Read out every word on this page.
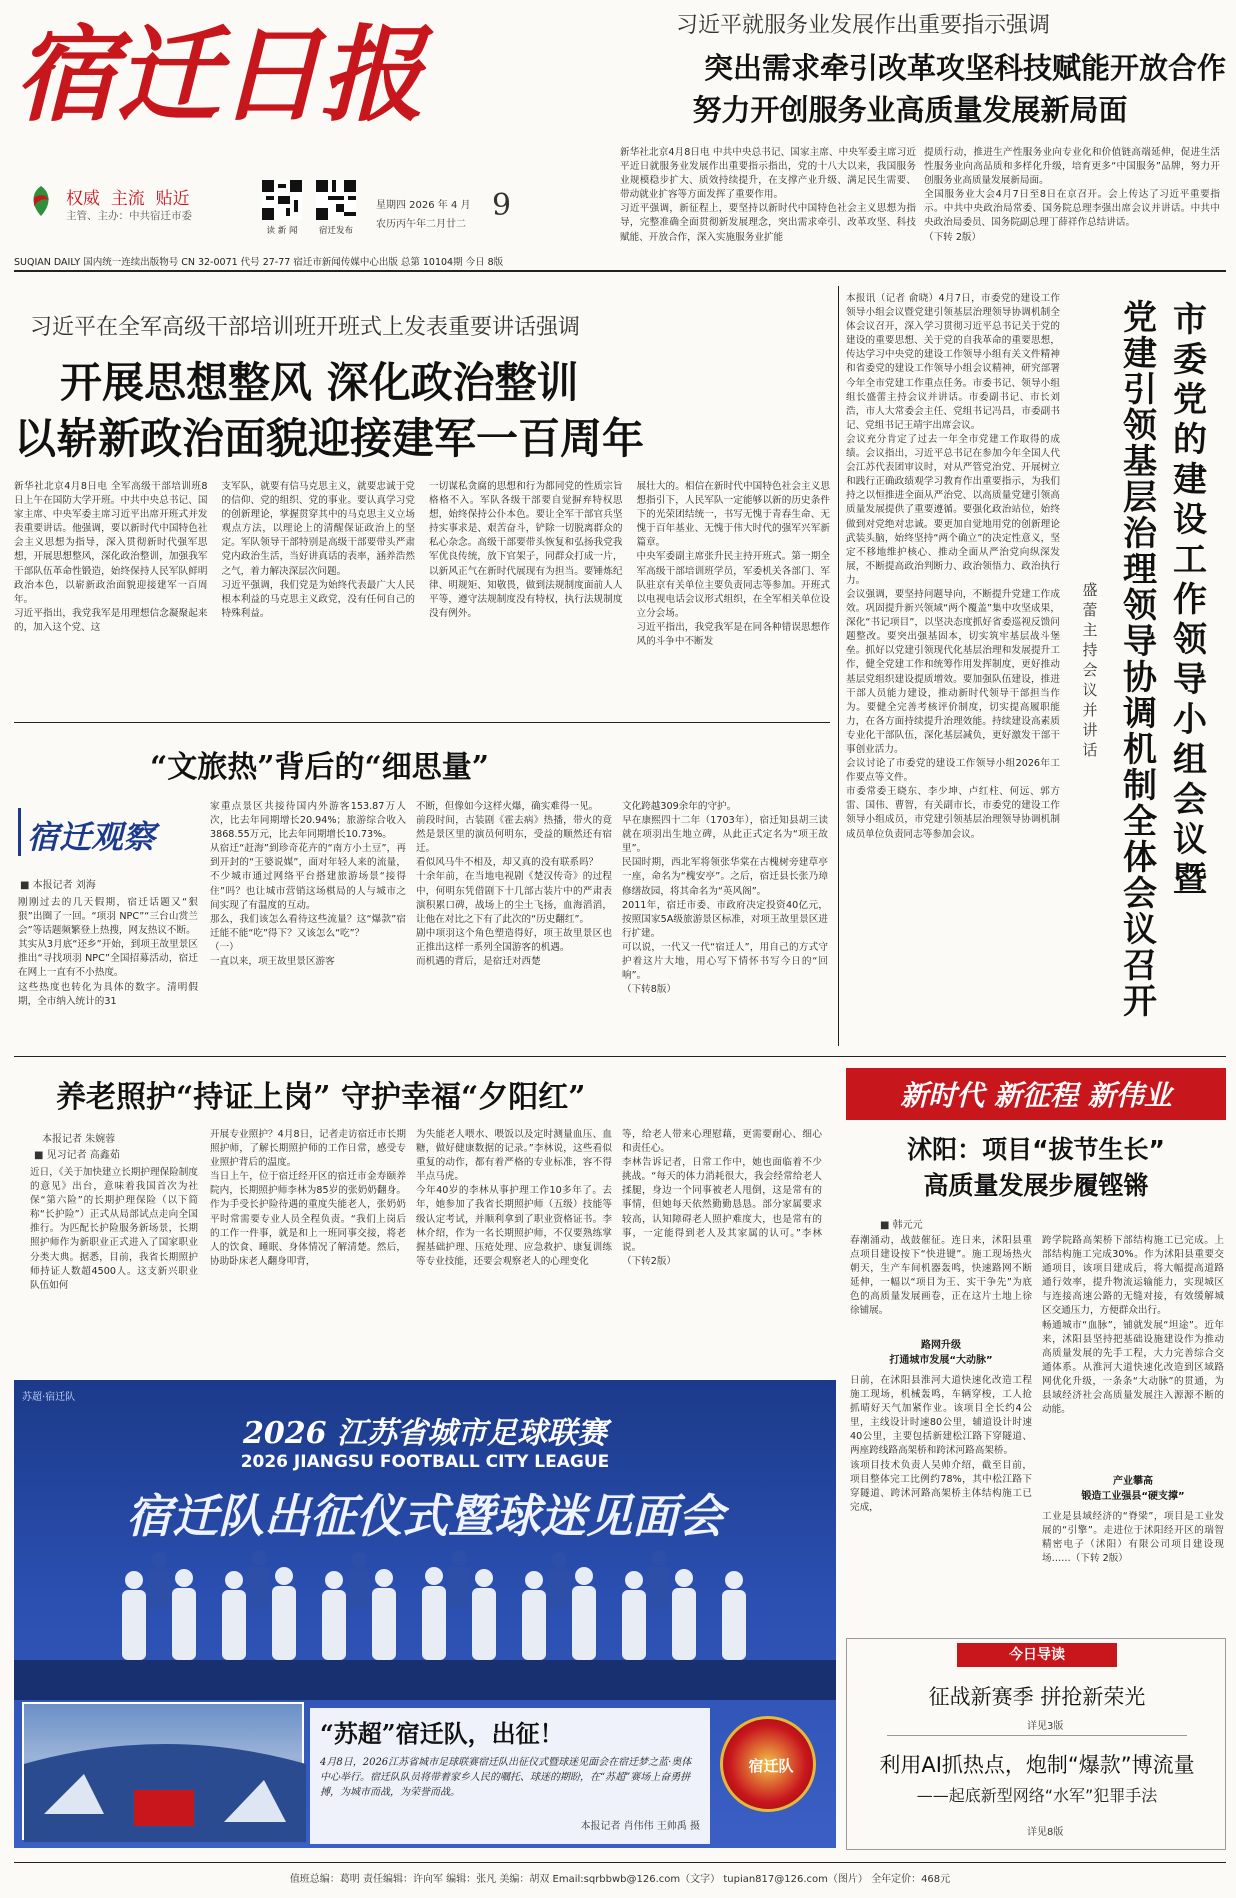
宿迁日报
权威 主流 贴近
主管、主办：中共宿迁市委
读 新 闻	宿迁发布
星期四 2026 年 4 月
农历丙午年二月廿二
9
SUQIAN DAILY 国内统一连续出版物号 CN 32-0071 代号 27-77 宿迁市新闻传媒中心出版 总第 10104期 今日 8版
习近平就服务业发展作出重要指示强调
突出需求牵引改革攻坚科技赋能开放合作
努力开创服务业高质量发展新局面
新华社北京4月8日电 中共中央总书记、国家主席、中央军委主席习近平近日就服务业发展作出重要指示指出，党的十八大以来，我国服务业规模稳步扩大、质效持续提升，在支撑产业升级、满足民生需要、带动就业扩容等方面发挥了重要作用。
习近平强调，新征程上，要坚持以新时代中国特色社会主义思想为指导，完整准确全面贯彻新发展理念，突出需求牵引、改革攻坚、科技赋能、开放合作，深入实施服务业扩能
提质行动，推进生产性服务业向专业化和价值链高端延伸，促进生活性服务业向高品质和多样化升级，培育更多“中国服务”品牌，努力开创服务业高质量发展新局面。
全国服务业大会4月7日至8日在京召开。会上传达了习近平重要指示。中共中央政治局常委、国务院总理李强出席会议并讲话。中共中央政治局委员、国务院副总理丁薛祥作总结讲话。
（下转 2版）
习近平在全军高级干部培训班开班式上发表重要讲话强调
开展思想整风 深化政治整训
以崭新政治面貌迎接建军一百周年
新华社北京4月8日电 全军高级干部培训班8日上午在国防大学开班。中共中央总书记、国家主席、中央军委主席习近平出席开班式并发表重要讲话。他强调，要以新时代中国特色社会主义思想为指导，深入贯彻新时代强军思想，开展思想整风，深化政治整训，加强我军干部队伍革命性锻造，始终保持人民军队鲜明政治本色，以崭新政治面貌迎接建军一百周年。
习近平指出，我党我军是用理想信念凝聚起来的，加入这个党、这
支军队，就要有信马克思主义，就要忠诚于党的信仰、党的组织、党的事业。要认真学习党的创新理论，掌握贯穿其中的马克思主义立场观点方法，以理论上的清醒保证政治上的坚定。军队领导干部特别是高级干部要带头严肃党内政治生活，当好讲真话的表率，涵养浩然之气，着力解决深层次问题。
习近平强调，我们党是为始终代表最广大人民根本利益的马克思主义政党，没有任何自己的特殊利益。
一切谋私贪腐的思想和行为都同党的性质宗旨格格不入。军队各级干部要自觉摒弃特权思想，始终保持公仆本色。要让全军干部官兵坚持实事求是、艰苦奋斗，铲除一切脱离群众的私心杂念。高级干部要带头恢复和弘扬我党我军优良传统，放下官架子，同群众打成一片，以新风正气在新时代展现有为担当。要锤炼纪律、明规矩、知敬畏，做到法规制度面前人人平等，遵守法规制度没有特权，执行法规制度没有例外。
展壮大的。相信在新时代中国特色社会主义思想指引下，人民军队一定能够以新的历史条件下的光荣团结统一，书写无愧于青春生命、无愧于百年基业、无愧于伟大时代的强军兴军新篇章。
中央军委副主席张升民主持开班式。第一期全军高级干部培训班学员，军委机关各部门、军队驻京有关单位主要负责同志等参加。开班式以电视电话会议形式组织，在全军相关单位设立分会场。
习近平指出，我党我军是在同各种错误思想作风的斗争中不断发
本报讯（记者 俞晓）4月7日，市委党的建设工作领导小组会议暨党建引领基层治理领导协调机制全体会议召开，深入学习贯彻习近平总书记关于党的建设的重要思想、关于党的自我革命的重要思想，传达学习中央党的建设工作领导小组有关文件精神和省委党的建设工作领导小组会议精神，研究部署今年全市党建工作重点任务。市委书记、领导小组组长盛蕾主持会议并讲话。市委副书记、市长刘浩，市人大常委会主任、党组书记冯昌，市委副书记、党组书记王靖宇出席会议。
会议充分肯定了过去一年全市党建工作取得的成绩。会议指出，习近平总书记在参加今年全国人代会江苏代表团审议时，对从严管党治党、开展树立和践行正确政绩观学习教育作出重要指示，为我们持之以恒推进全面从严治党、以高质量党建引领高质量发展提供了重要遵循。要强化政治站位，始终做到对党绝对忠诚。要更加自觉地用党的创新理论武装头脑，始终坚持“两个确立”的决定性意义，坚定不移地维护核心、推动全面从严治党向纵深发展，不断提高政治判断力、政治领悟力、政治执行力。
会议强调，要坚持问题导向，不断提升党建工作成效。巩固提升新兴领域“两个覆盖”集中攻坚成果，深化“书记项目”，以坚决态度抓好省委巡视反馈问题整改。要突出强基固本，切实筑牢基层战斗堡垒。抓好以党建引领现代化基层治理和发展提升工作，健全党建工作和统筹作用发挥制度，更好推动基层党组织建设提质增效。要加强队伍建设，推进干部人员能力建设，推动新时代领导干部担当作为。要健全完善考核评价制度，切实提高履职能力，在各方面持续提升治理效能。持续建设高素质专业化干部队伍，深化基层减负，更好激发干部干事创业活力。
会议讨论了市委党的建设工作领导小组2026年工作要点等文件。
市委常委王晓东、李少坤、卢红柱、何远、郭方雷、国伟、曹智，有关副市长，市委党的建设工作领导小组成员，市党建引领基层治理领导协调机制成员单位负责同志等参加会议。
市委党的建设工作领导小组会议暨
党建引领基层治理领导协调机制全体会议召开
盛蕾主持会议并讲话
“文旅热”背后的“细思量”
宿迁观察
■ 本报记者 刘海
刚刚过去的几天假期，宿迁话题又“狠狠”出圈了一回。“项羽 NPC”“三台山赏兰会”等话题频繁登上热搜，网友热议不断。
其实从3月底“还乡”开始，到项王故里景区推出“寻找项羽 NPC”全国招募活动，宿迁在网上一直有不小热度。
这些热度也转化为具体的数字。清明假期，全市纳入统计的31
家重点景区共接待国内外游客153.87万人次，比去年同期增长20.94%；旅游综合收入3868.55万元，比去年同期增长10.73%。
从宿迁“赶海”到珍奇花卉的“南方小土豆”，再到开封的“王婆说媒”，面对年轻人来的流量，不少城市通过网络平台搭建旅游场景“接得住”吗？也让城市营销这场棋局的人与城市之间实现了有温度的互动。
那么，我们该怎么看待这些流量？这“爆款”宿迁能不能“吃”得下？又该怎么“吃”？
（一）
一直以来，项王故里景区游客
不断，但像如今这样火爆，确实难得一见。
前段时间，古装剧《霍去病》热播，带火的竟然是景区里的演员何明东，受益的顺然还有宿迁。
看似风马牛不相及，却又真的没有联系吗？
十余年前，在当地电视剧《楚汉传奇》的过程中，何明东凭借剧下十几部古装片中的严肃表演积累口碑，战场上的尘土飞扬，血海滔滔，让他在对比之下有了此次的“历史翻红”。
剧中项羽这个角色塑造得好，项王故里景区也正推出这样一系列全国游客的机遇。
而机遇的背后，是宿迁对西楚
文化跨越309余年的守护。
早在康熙四十二年（1703年），宿迁知县胡三读就在项羽出生地立碑，从此正式定名为“项王故里”。
民国时期，西北军将领张华棠在古槐树旁建草亭一座，命名为“槐安亭”。之后，宿迁县长张乃璋修缮故园，将其命名为“英风阁”。
2011年，宿迁市委、市政府决定投资40亿元，按照国家5A级旅游景区标准，对项王故里景区进行扩建。
可以说，一代又一代“宿迁人”，用自己的方式守护着这片大地，用心写下情怀书写今日的“回响”。
（下转8版）
养老照护“持证上岗” 守护幸福“夕阳红”
本报记者 朱婉蓉
■ 见习记者 高鑫茹
近日，《关于加快建立长期护理保险制度的意见》出台，意味着我国首次为社保“第六险”的长期护理保险（以下简称“长护险”）正式从局部试点走向全国推行。为匹配长护险服务新场景，长期照护师作为新职业正式进入了国家职业分类大典。据悉，目前，我省长期照护师持证人数超4500人。这支新兴职业队伍如何
开展专业照护？4月8日，记者走访宿迁市长期照护师，了解长期照护师的工作日常，感受专业照护背后的温度。
当日上午，位于宿迁经开区的宿迁市金寿颐养院内，长期照护师李林为85岁的张奶奶翻身。作为手受长护险待遇的重度失能老人，张奶奶平时常需要专业人员全程负责。“我们上岗后的工作一件事，就是和上一班同事交接，将老人的饮食、睡眠、身体情况了解清楚。然后，协助卧床老人翻身叩背，
为失能老人喂水、喂饭以及定时测量血压、血糖，做好健康数据的记录。”李林说，这些看似重复的动作，都有着严格的专业标准，容不得半点马虎。
今年40岁的李林从事护理工作10多年了。去年，她参加了我省长期照护师（五级）技能等级认定考试，并顺利拿到了职业资格证书。李林介绍，作为一名长期照护师，不仅要熟练掌握基础护理、压疮处理、应急救护、康复训练等专业技能，还要会观察老人的心理变化
等，给老人带来心理慰藉，更需要耐心、细心和责任心。
李林告诉记者，日常工作中，她也面临着不少挑战。“每天的体力消耗很大，我会经常给老人揉腿，身边一个同事被老人甩倒，这是常有的事情，但她每天依然勤勤恳恳。部分家属要求较高，认知障碍老人照护难度大，也是常有的事，一定能得到老人及其家属的认可。”李林说。
（下转2版）
苏超·宿迁队
2026 江苏省城市足球联赛
2026 JIANGSU FOOTBALL CITY LEAGUE
宿迁队出征仪式暨球迷见面会
宿迁队
“苏超”宿迁队，出征！
4月8日，2026江苏省城市足球联赛宿迁队出征仪式暨球迷见面会在宿迁梦之蓝·奥体中心举行。宿迁队队员将带着家乡人民的嘱托、球迷的期盼，在“苏超”赛场上奋勇拼搏，为城市而战，为荣誉而战。
本报记者 肖伟伟 王帅禹 摄
新时代 新征程 新伟业
沭阳：项目“拔节生长”
高质量发展步履铿锵
■ 韩元元
春潮涌动，战鼓催征。连日来，沭阳县重点项目建设按下“快进键”。施工现场热火朝天，生产车间机器轰鸣，快速路网不断延伸，一幅以“项目为王、实干争先”为底色的高质量发展画卷，正在这片土地上徐徐铺展。
路网升级
打通城市发展“大动脉”
日前，在沭阳县淮河大道快速化改造工程施工现场，机械轰鸣，车辆穿梭，工人抢抓晴好天气加紧作业。该项目全长约4公里，主线设计时速80公里，辅道设计时速40公里，主要包括新建松江路下穿隧道、两座跨线路高架桥和跨沭河路高架桥。
该项目技术负责人吴帅介绍，截至目前，项目整体完工比例约78%，其中松江路下穿隧道、跨沭河路高架桥主体结构施工已完成，
跨学院路高架桥下部结构施工已完成。上部结构施工完成30%。作为沭阳县重要交通项目，该项目建成后，将大幅提高道路通行效率，提升物流运输能力，实现城区与连接高速公路的无缝对接，有效缓解城区交通压力，方便群众出行。
畅通城市“血脉”，铺就发展“坦途”。近年来，沭阳县坚持把基础设施建设作为推动高质量发展的先手工程，大力完善综合交通体系。从淮河大道快速化改造到区域路网优化升级，一条条“大动脉”的贯通，为县域经济社会高质量发展注入源源不断的动能。
产业攀高
锻造工业强县“硬支撑”
工业是县域经济的“脊梁”，项目是工业发展的“引擎”。走进位于沭阳经开区的瑞智精密电子（沭阳）有限公司项目建设现场……（下转 2版）
今日导读
征战新赛季 拼抢新荣光
详见3版
利用AI抓热点，炮制“爆款”博流量
——起底新型网络“水军”犯罪手法
详见8版
值班总编：葛明 责任编辑：许向军 编辑：张凡 美编：胡双 Email:sqrbbwb@126.com（文字） tupian817@126.com（图片） 全年定价：468元
